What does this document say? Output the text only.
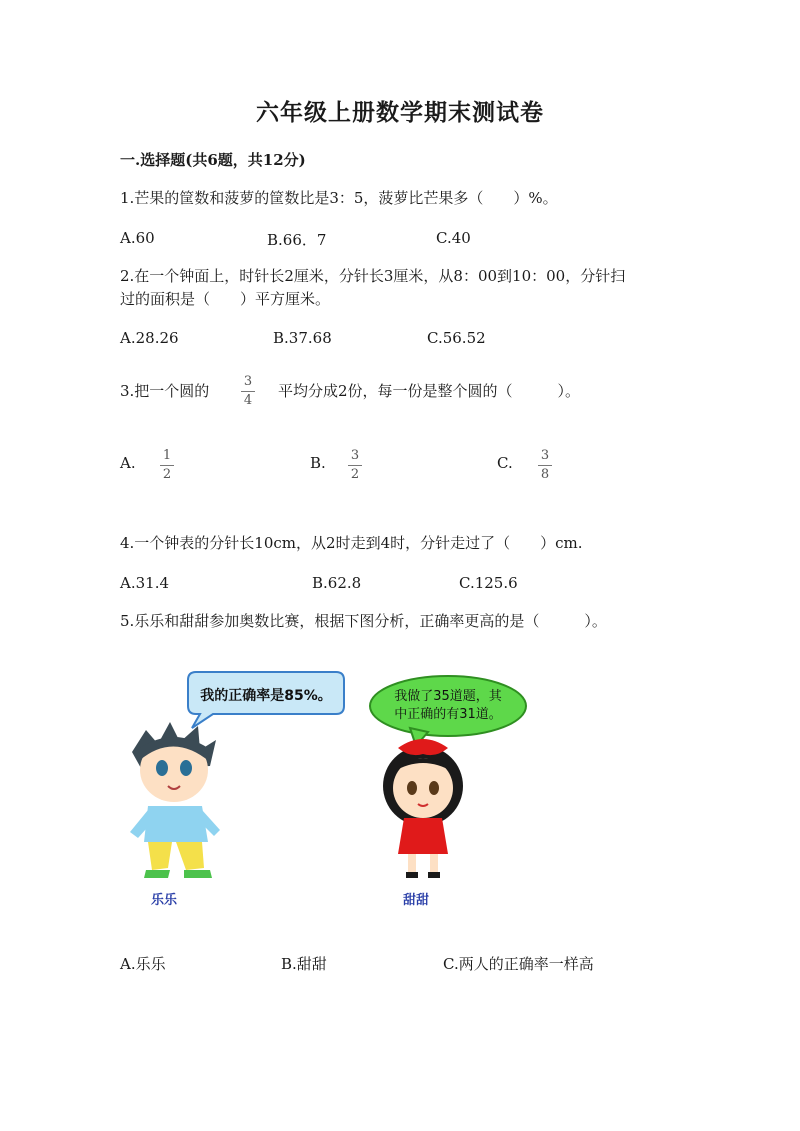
六年级上册数学期末测试卷
一.选择题(共6题，共12分)
1.芒果的筐数和菠萝的筐数比是3：5，菠萝比芒果多（　　）%。
A.60	B.66．7	C.40
2.在一个钟面上，时针长2厘米，分针长3厘米，从8：00到10：00，分针扫
过的面积是（　　）平方厘米。
A.28.26	B.37.68	C.56.52
3.把一个圆的
3
4
平均分成2份，每一份是整个圆的（　　　）。
A. 1
2
B. 3
2
C. 3
8
4.一个钟表的分针长10cm，从2时走到4时，分针走过了（　　）cm.
A.31.4	B.62.8	C.125.6
5.乐乐和甜甜参加奥数比赛，根据下图分析，正确率更高的是（　　　）。
我的正确率是85%。	我做了35道题，其
中正确的有31道。
乐乐	甜甜
A.乐乐	B.甜甜	C.两人的正确率一样高
